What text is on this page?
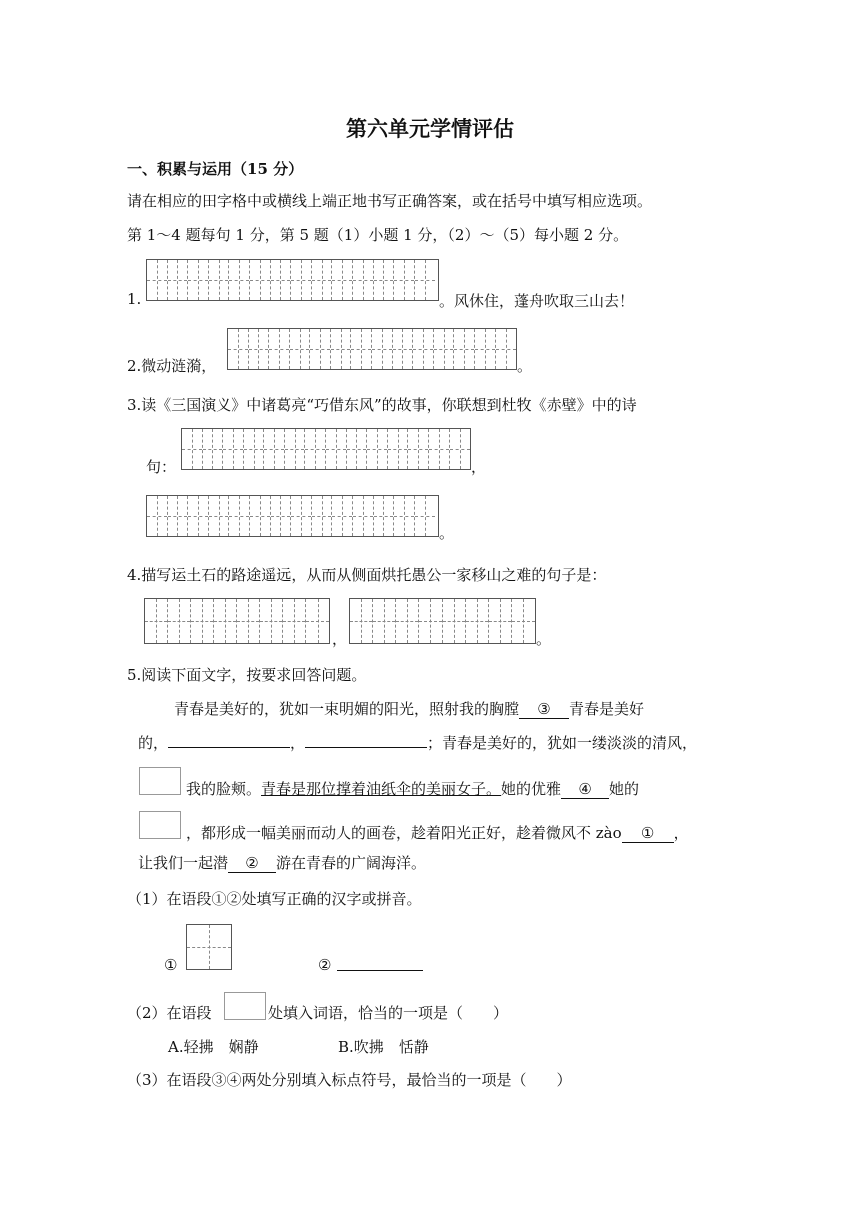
第六单元学情评估
一、积累与运用（15 分）
请在相应的田字格中或横线上端正地书写正确答案，或在括号中填写相应选项。
第 1～4 题每句 1 分，第 5 题（1）小题 1 分，（2）～（5）每小题 2 分。
1.	。风休住，蓬舟吹取三山去！
2.微动涟漪，	。
3.读《三国演义》中诸葛亮“巧借东风”的故事，你联想到杜牧《赤壁》中的诗
句：	，
。
4.描写运土石的路途遥远，从而从侧面烘托愚公一家移山之难的句子是：
，	。
5.阅读下面文字，按要求回答问题。
青春是美好的，犹如一束明媚的阳光，照射我的胸膛 ③ 青春是美好
的，	，	；青春是美好的，犹如一缕淡淡的清风，
我的脸颊。青春是那位撑着油纸伞的美丽女子。她的优雅 ④ 她的
，都形成一幅美丽而动人的画卷，趁着阳光正好，趁着微风不 zào ① ，
让我们一起潜 ② 游在青春的广阔海洋。
（1）在语段①②处填写正确的汉字或拼音。
①	②
（2）在语段	处填入词语，恰当的一项是（　　）
A.轻拂　娴静	B.吹拂　恬静
（3）在语段③④两处分别填入标点符号，最恰当的一项是（　　）
